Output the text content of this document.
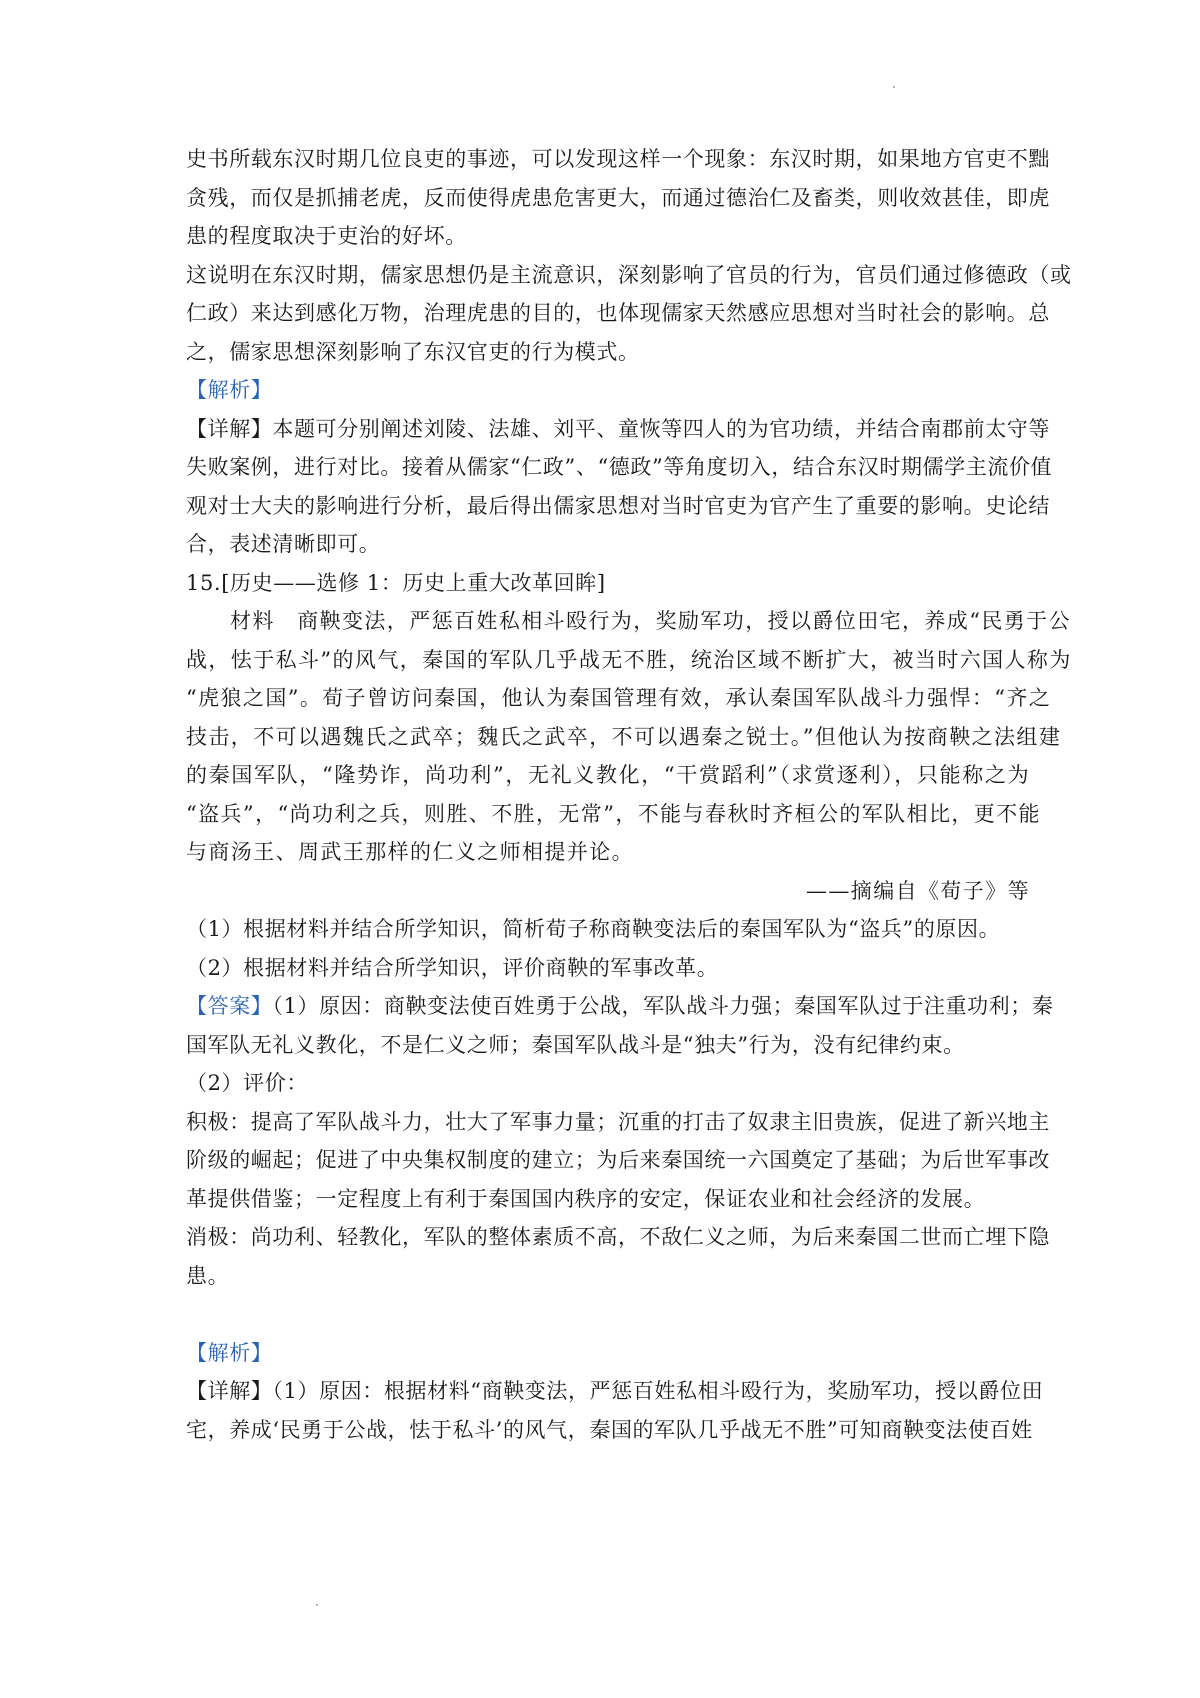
史书所载东汉时期几位良吏的事迹，可以发现这样一个现象：东汉时期，如果地方官吏不黜
贪残，而仅是抓捕老虎，反而使得虎患危害更大，而通过德治仁及畜类，则收效甚佳，即虎
患的程度取决于吏治的好坏。
这说明在东汉时期，儒家思想仍是主流意识，深刻影响了官员的行为，官员们通过修德政（或
仁政）来达到感化万物，治理虎患的目的，也体现儒家天然感应思想对当时社会的影响。总
之，儒家思想深刻影响了东汉官吏的行为模式。
【解析】
【详解】本题可分别阐述刘陵、法雄、刘平、童恢等四人的为官功绩，并结合南郡前太守等
失败案例，进行对比。接着从儒家“仁政”、“德政”等角度切入，结合东汉时期儒学主流价值
观对士大夫的影响进行分析，最后得出儒家思想对当时官吏为官产生了重要的影响。史论结
合，表述清晰即可。
15.[历史——选修 1：历史上重大改革回眸]
材料　商鞅变法，严惩百姓私相斗殴行为，奖励军功，授以爵位田宅，养成“民勇于公
战，怯于私斗”的风气，秦国的军队几乎战无不胜，统治区域不断扩大，被当时六国人称为
“虎狼之国”。荀子曾访问秦国，他认为秦国管理有效，承认秦国军队战斗力强悍：“齐之
技击，不可以遇魏氏之武卒；魏氏之武卒，不可以遇秦之锐士。”但他认为按商鞅之法组建
的秦国军队，“隆势诈，尚功利”，无礼义教化，“干赏蹈利”（求赏逐利），只能称之为
“盗兵”，“尚功利之兵，则胜、不胜，无常”，不能与春秋时齐桓公的军队相比，更不能
与商汤王、周武王那样的仁义之师相提并论。
——摘编自《荀子》等
（1）根据材料并结合所学知识，简析荀子称商鞅变法后的秦国军队为“盗兵”的原因。
（2）根据材料并结合所学知识，评价商鞅的军事改革。
【答案】（1）原因：商鞅变法使百姓勇于公战，军队战斗力强；秦国军队过于注重功利；秦
国军队无礼义教化，不是仁义之师；秦国军队战斗是“独夫”行为，没有纪律约束。
（2）评价：
积极：提高了军队战斗力，壮大了军事力量；沉重的打击了奴隶主旧贵族，促进了新兴地主
阶级的崛起；促进了中央集权制度的建立；为后来秦国统一六国奠定了基础；为后世军事改
革提供借鉴；一定程度上有利于秦国国内秩序的安定，保证农业和社会经济的发展。
消极：尚功利、轻教化，军队的整体素质不高，不敌仁义之师，为后来秦国二世而亡埋下隐
患。
【解析】
【详解】（1）原因：根据材料“商鞅变法，严惩百姓私相斗殴行为，奖励军功，授以爵位田
宅，养成‘民勇于公战，怯于私斗’的风气，秦国的军队几乎战无不胜”可知商鞅变法使百姓
